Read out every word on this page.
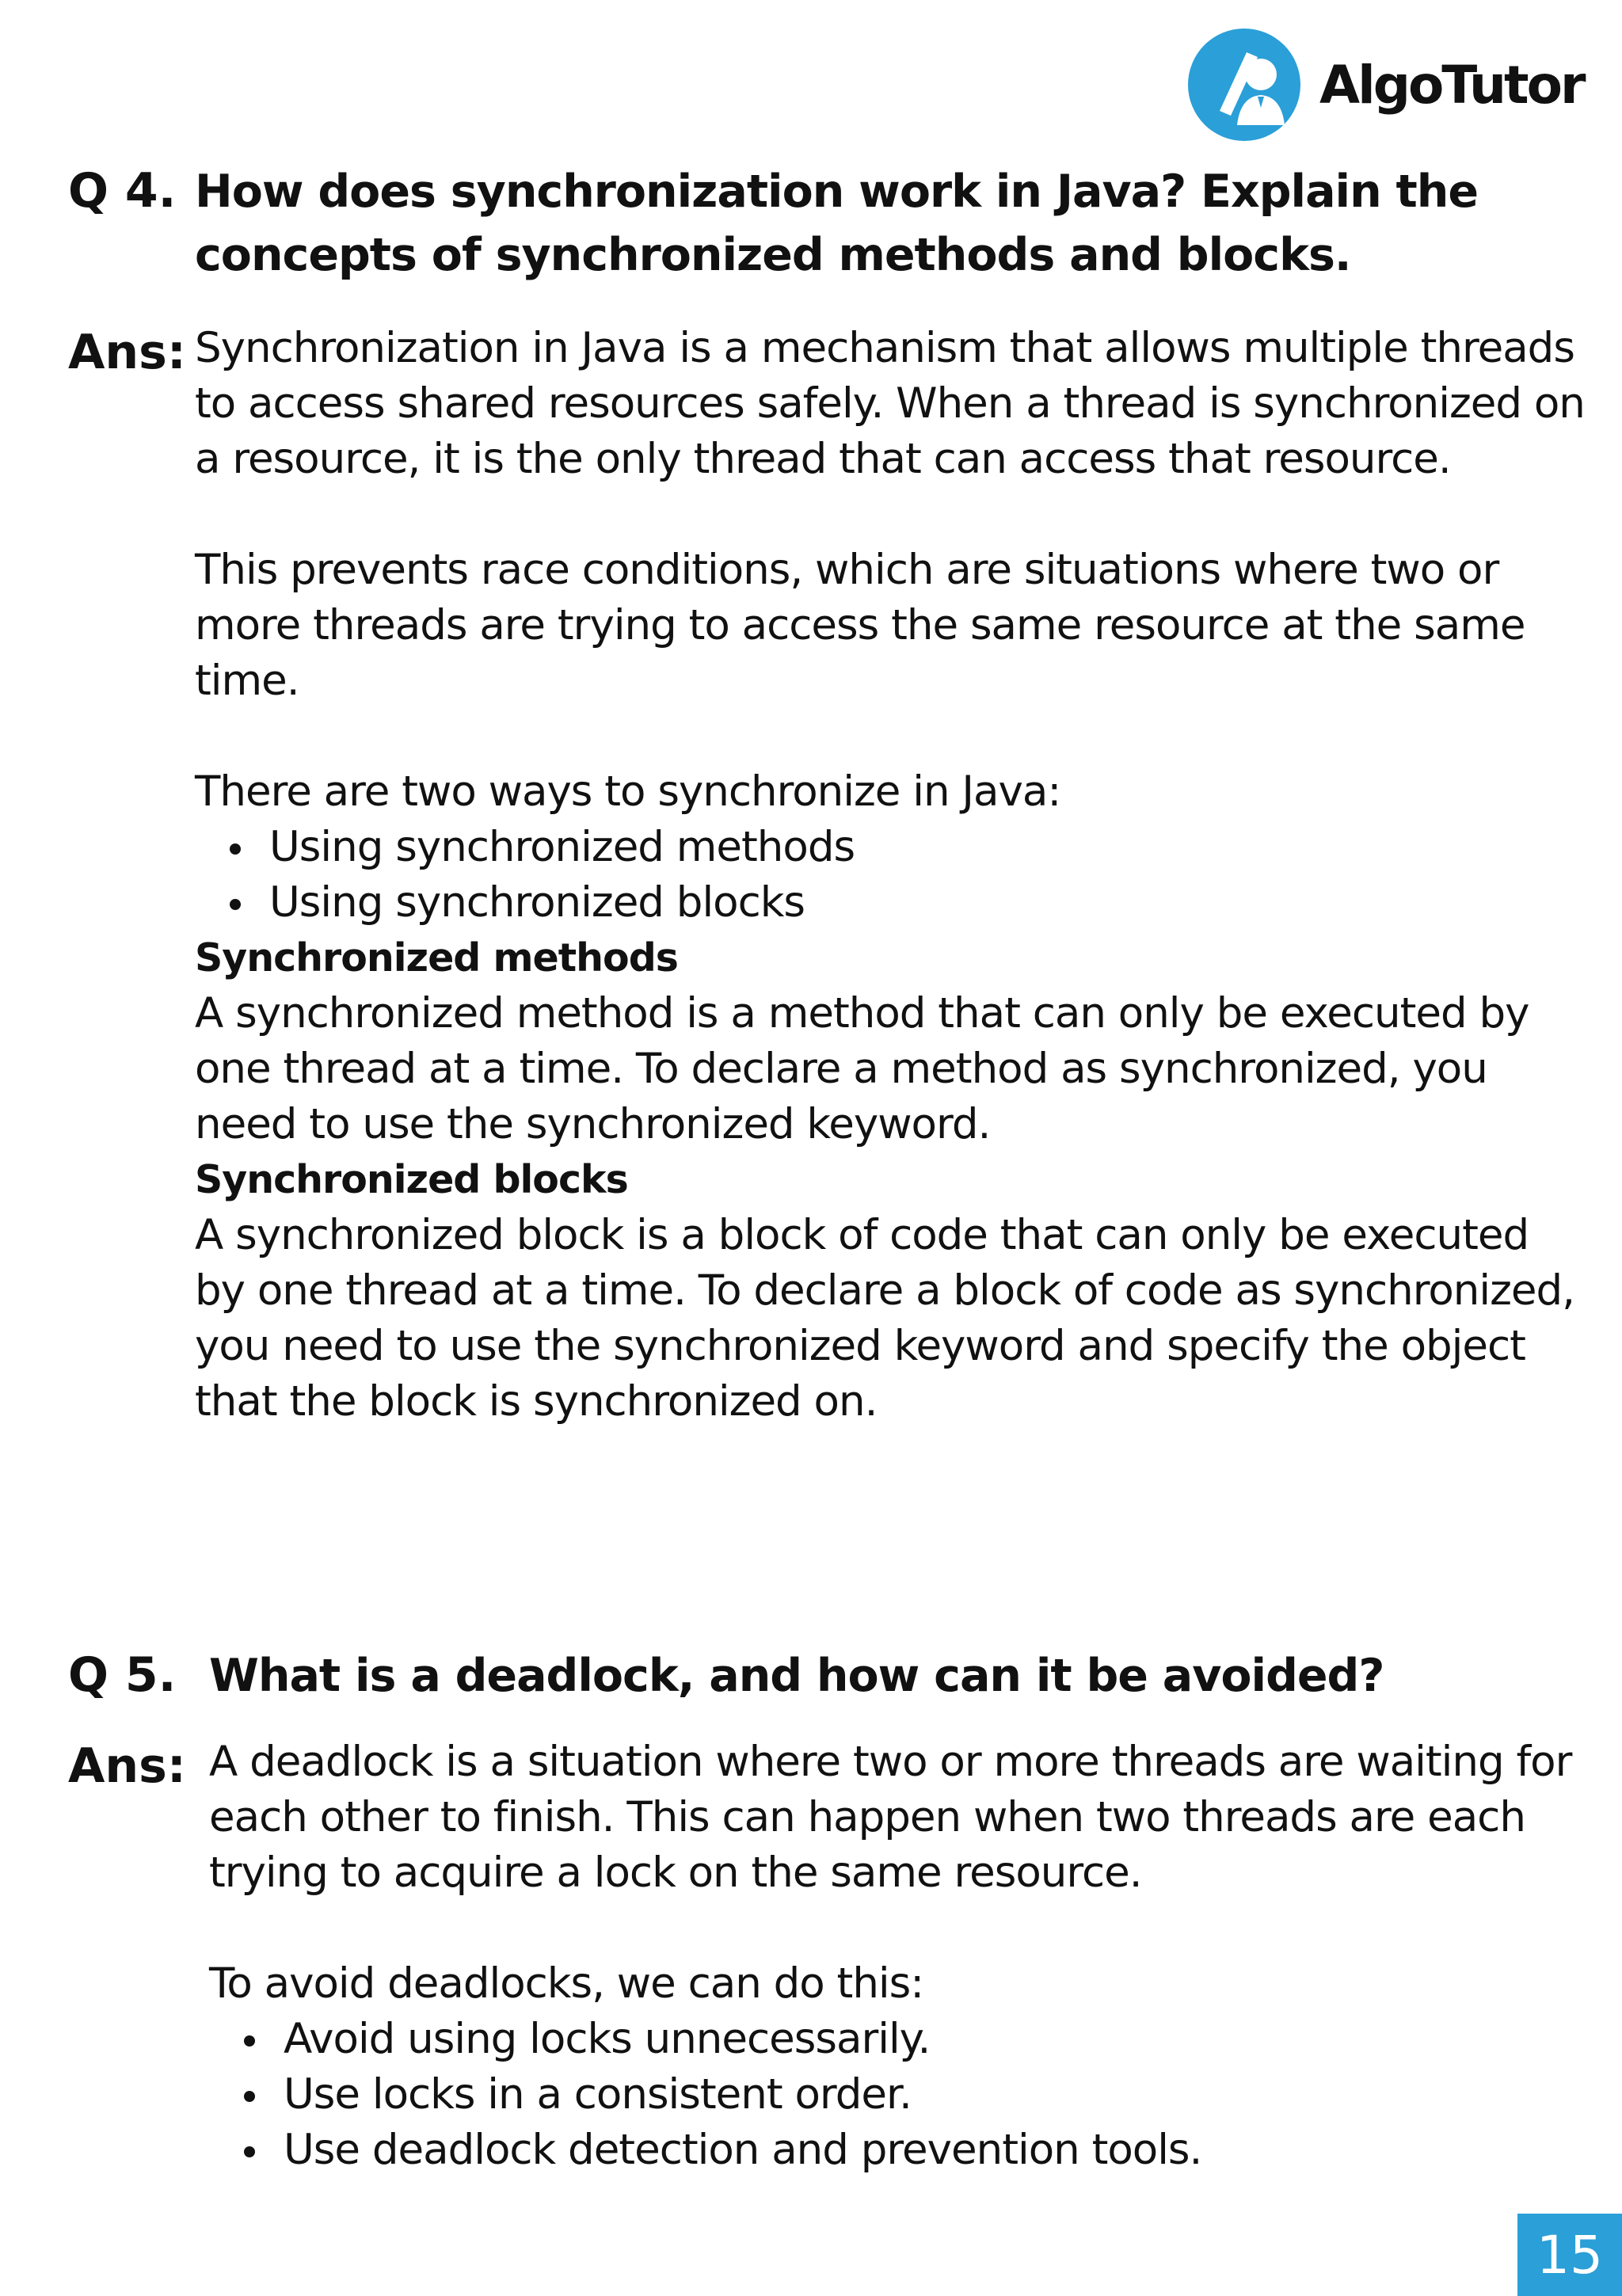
AlgoTutor
Q 4. How does synchronization work in Java? Explain the
concepts of synchronized methods and blocks.
Ans: Synchronization in Java is a mechanism that allows multiple threads to access shared resources safely. When a thread is synchronized on a resource, it is the only thread that can access that resource.

This prevents race conditions, which are situations where two or more threads are trying to access the same resource at the same time.

There are two ways to synchronize in Java:

Using synchronized methods
Using synchronized blocks

Synchronized methods

A synchronized method is a method that can only be executed by one thread at a time. To declare a method as synchronized, you need to use the synchronized keyword.

Synchronized blocks

A synchronized block is a block of code that can only be executed by one thread at a time. To declare a block of code as synchronized, you need to use the synchronized keyword and specify the object that the block is synchronized on.

Q 5. What is a deadlock, and how can it be avoided?
Ans: A deadlock is a situation where two or more threads are waiting for each other to finish. This can happen when two threads are each trying to acquire a lock on the same resource.

To avoid deadlocks, we can do this:

Avoid using locks unnecessarily.
Use locks in a consistent order.
Use deadlock detection and prevention tools.
15
